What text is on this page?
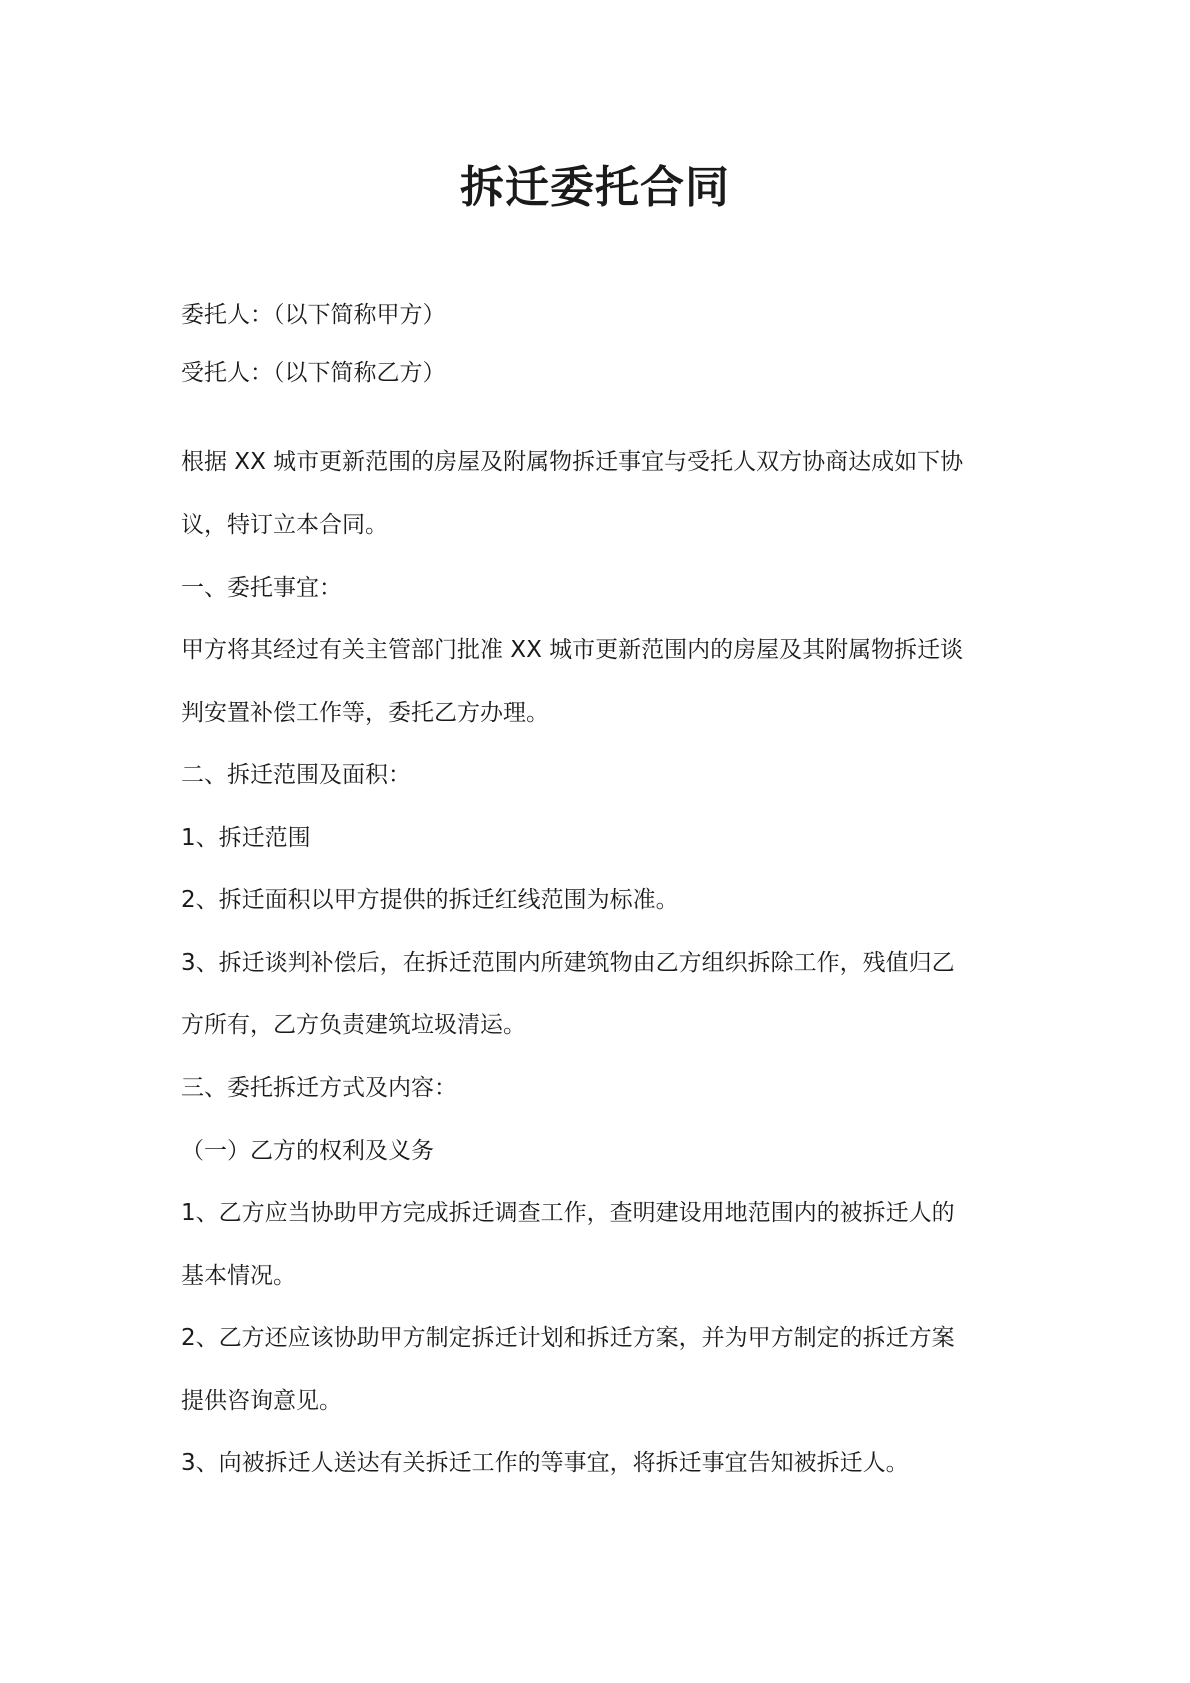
拆迁委托合同
委托人：（以下简称甲方）
受托人：（以下简称乙方）
根据 XX 城市更新范围的房屋及附属物拆迁事宜与受托人双方协商达成如下协
议，特订立本合同。
一、委托事宜：
甲方将其经过有关主管部门批准 XX 城市更新范围内的房屋及其附属物拆迁谈
判安置补偿工作等，委托乙方办理。
二、拆迁范围及面积：
1、拆迁范围
2、拆迁面积以甲方提供的拆迁红线范围为标准。
3、拆迁谈判补偿后，在拆迁范围内所建筑物由乙方组织拆除工作，残值归乙
方所有，乙方负责建筑垃圾清运。
三、委托拆迁方式及内容：
（一）乙方的权利及义务
1、乙方应当协助甲方完成拆迁调查工作，查明建设用地范围内的被拆迁人的
基本情况。
2、乙方还应该协助甲方制定拆迁计划和拆迁方案，并为甲方制定的拆迁方案
提供咨询意见。
3、向被拆迁人送达有关拆迁工作的等事宜，将拆迁事宜告知被拆迁人。
